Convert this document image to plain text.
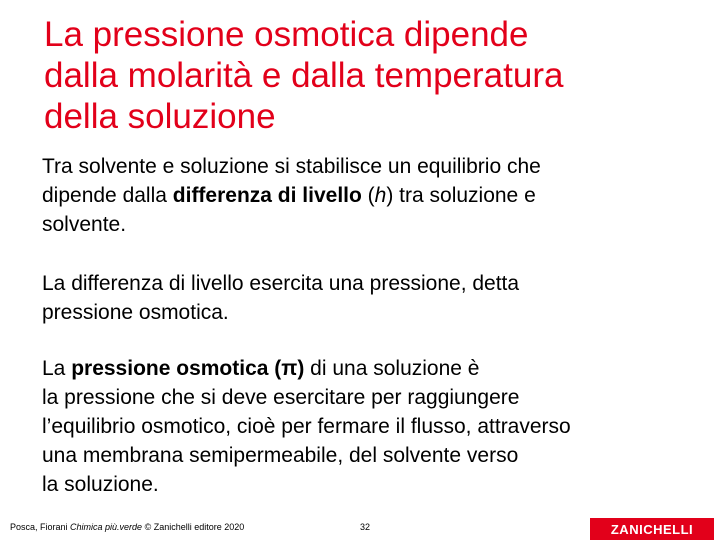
La pressione osmotica dipende
dalla molarità e dalla temperatura
della soluzione

Tra solvente e soluzione si stabilisce un equilibrio che
dipende dalla differenza di livello (h) tra soluzione e
solvente.

La differenza di livello esercita una pressione, detta
pressione osmotica.

La pressione osmotica (π) di una soluzione è
la pressione che si deve esercitare per raggiungere
l’equilibrio osmotico, cioè per fermare il flusso, attraverso
una membrana semipermeabile, del solvente verso
la soluzione.

Posca, Fiorani Chimica più.verde © Zanichelli editore 2020	32	ZANICHELLI
